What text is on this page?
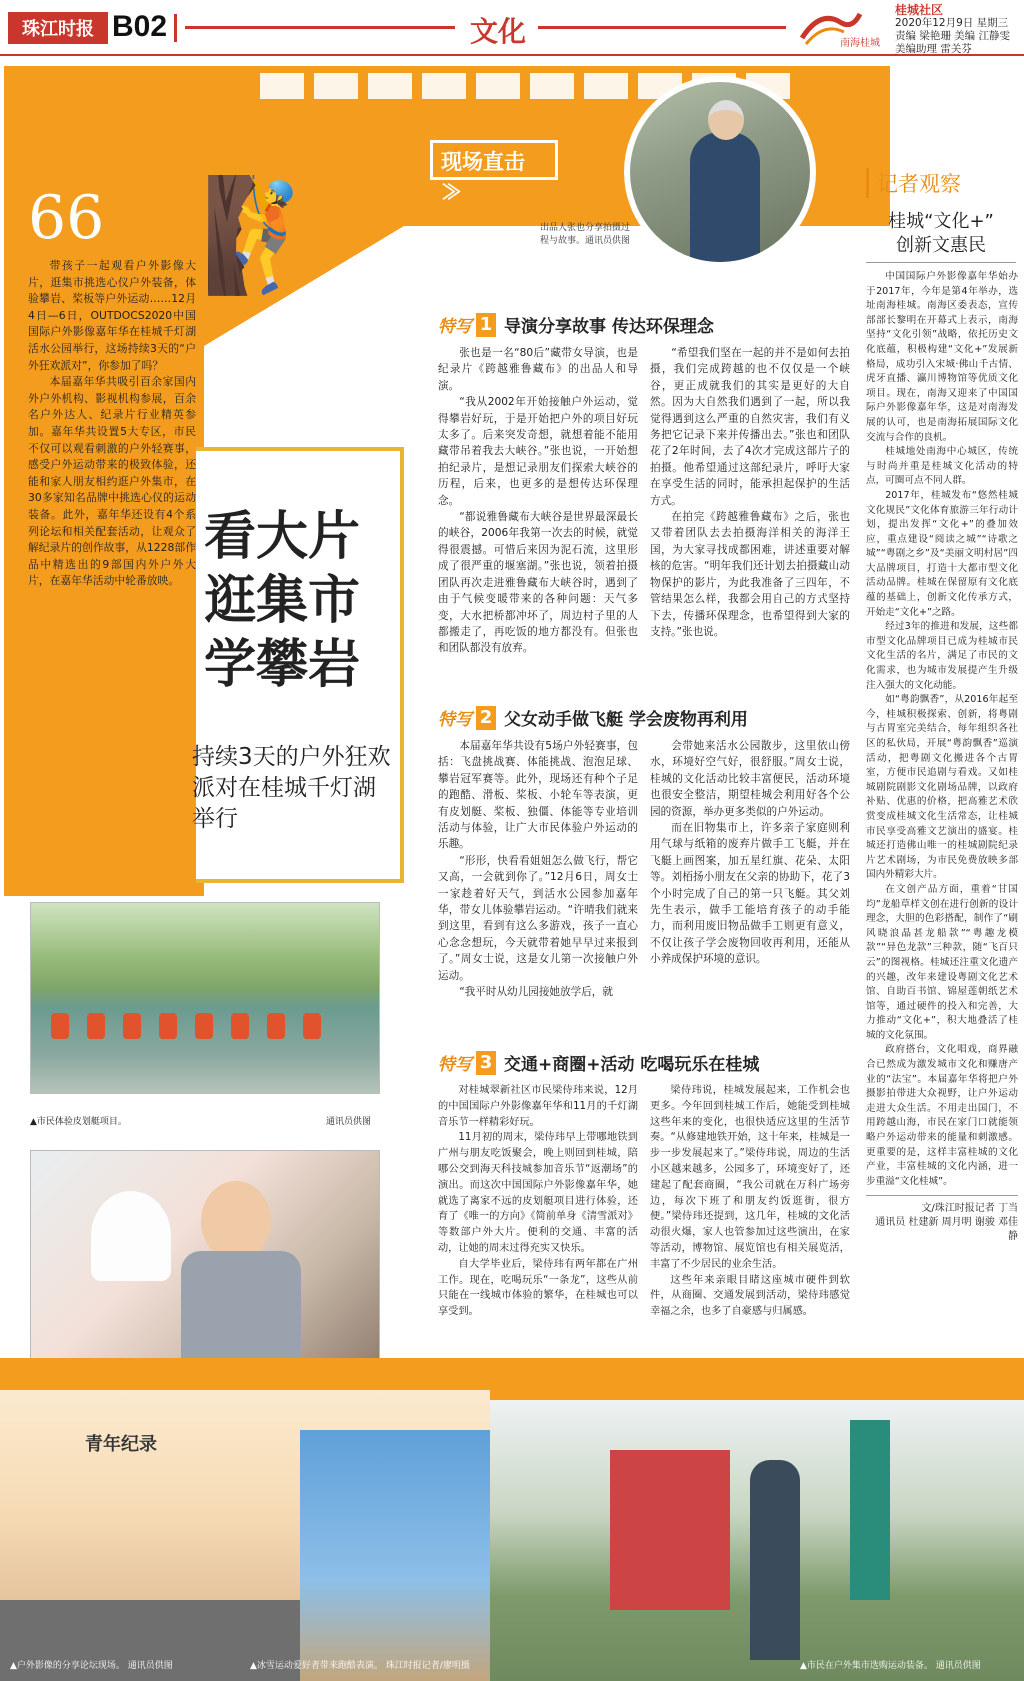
珠江时报 B02	文化	南海桂城
桂城社区
2020年12月9日 星期三
责编 梁艳珊 美编 江静雯
美编助理 雷关芬
🧗
现场直击 ≫
出品人张也分享拍摄过程与故事。通讯员供图
66

带孩子一起观看户外影像大片，逛集市挑选心仪户外装备，体验攀岩、桨板等户外运动……12月4日—6日，OUTDOCS2020中国国际户外影像嘉年华在桂城千灯湖活水公园举行，这场持续3天的“户外狂欢派对”，你参加了吗？

本届嘉年华共吸引百余家国内外户外机构、影视机构参展，百余名户外达人、纪录片行业精英参加。嘉年华共设置5大专区，市民不仅可以观看刺激的户外轻赛事，感受户外运动带来的极致体验，还能和家人朋友相约逛户外集市，在30多家知名品牌中挑选心仪的运动装备。此外，嘉年华还设有4个系列论坛和相关配套活动，让观众了解纪录片的创作故事，从1228部作品中精选出的9部国内外户外大片，在嘉年华活动中轮番放映。

看大片
逛集市
学攀岩
持续3天的户外狂欢派对在桂城千灯湖举行
特写 1 导演分享故事 传达环保理念

张也是一名“80后”藏带女导演，也是纪录片《跨越雅鲁藏布》的出品人和导演。

“我从2002年开始接触户外运动，觉得攀岩好玩，于是开始把户外的项目好玩太多了。后来突发奇想，就想着能不能用藏带吊着我去大峡谷。”张也说，一开始想拍纪录片，是想记录朋友们探索大峡谷的历程，后来，也更多的是想传达环保理念。

“都说雅鲁藏布大峡谷是世界最深最长的峡谷，2006年我第一次去的时候，就觉得很震撼。可惜后来因为泥石流，这里形成了很严重的堰塞湖。”张也说，领着拍摄团队再次走进雅鲁藏布大峡谷时，遇到了由于气候变暖带来的各种问题：天气多变，大水把桥都冲坏了，周边村子里的人都搬走了，再吃饭的地方都没有。但张也和团队都没有放弃。

“希望我们坚在一起的并不是如何去拍摄，我们完成跨越的也不仅仅是一个峡谷，更正成就我们的其实是更好的大自然。因为大自然我们遇到了一起，所以我觉得遇到这么严重的自然灾害，我们有义务把它记录下来并传播出去。”张也和团队花了2年时间，去了4次才完成这部片子的拍摄。他希望通过这部纪录片，呼吁大家在享受生活的同时，能承担起保护的生活方式。

在拍完《跨越雅鲁藏布》之后，张也又带着团队去去拍摄海洋相关的海洋王国，为大家寻找成都困难，讲述重要对解核的危害。“明年我们还计划去拍摄藏山动物保护的影片，为此我准备了三四年，不管结果怎么样，我都会用自己的方式坚持下去，传播环保理念，也希望得到大家的支持。”张也说。

特写 2 父女动手做飞艇 学会废物再利用

本届嘉年华共设有5场户外轻赛事，包括：飞盘挑战赛、体能挑战、泡泡足球、攀岩冠军赛等。此外，现场还有种个子足的跑酷、滑板、桨板、小轮车等表演，更有皮划艇、桨板、独僵、体能等专业培训活动与体验，让广大市民体验户外运动的乐趣。

“形形，快看看姐姐怎么做飞行，帮它又高，一会就到你了。”12月6日，周女士一家趁着好天气，到活水公园参加嘉年华，带女儿体验攀岩运动。“许晴我们就来到这里，看到有这么多游戏，孩子一直心心念念想玩，今天就带着她早早过来报到了。”周女士说，这是女儿第一次接触户外运动。

“我平时从幼儿园接她放学后，就

会带她来活水公园散步，这里依山傍水，环境好空气好，很舒服。”周女士说，桂城的文化活动比较丰富便民，活动环境也很安全整洁，期望桂城会利用好各个公园的资源，举办更多类似的户外运动。

而在旧物集市上，许多亲子家庭则利用气球与纸箱的废弃片做手工飞艇，并在飞艇上画图案，加五星红旗、花朵、太阳等。刘栢扬小朋友在父亲的协助下，花了3个小时完成了自己的第一只飞艇。其父刘先生表示，做手工能培育孩子的动手能力，而利用废旧物品做手工则更有意义，不仅让孩子学会废物回收再利用，还能从小养成保护环境的意识。

特写 3 交通+商圈+活动 吃喝玩乐在桂城

对桂城翠新社区市民梁侍玮来说，12月的中国国际户外影像嘉年华和11月的千灯湖音乐节一样精彩好玩。

11月初的周末，梁侍玮早上带哪地铁到广州与朋友吃饭聚会，晚上则回到桂城，陪哪公交到海天科技城参加音乐节“返潮场”的演出。而这次中国国际户外影像嘉年华，她就选了离家不远的皮划艇项目进行体验，还育了《唯一的方向》《简前单身《清雪派对》等数部户外大片。便利的交通、丰富的活动，让她的周末过得充实又快乐。

自大学毕业后，梁侍玮有两年都在广州工作。现在，吃喝玩乐“一条龙”，这些从前只能在一线城市体验的繁华，在桂城也可以享受到。

梁侍玮说，桂城发展起来，工作机会也更多。今年回到桂城工作后，她能受到桂城这些年来的变化，也很快适应这里的生活节奏。“从修建地铁开始，这十年来，桂城是一步一步发展起来了。”梁侍玮说，周边的生活小区越来越多，公园多了，环境变好了，还建起了配套商圈，“我公司就在万科广场旁边，每次下班了和朋友约饭逛街，很方便。”梁侍玮还提到，这几年，桂城的文化活动很火爆，家人也管参加过这些演出，在家等活动，博物馆、展览馆也有相关展览活，丰富了不少居民的业余生活。

这些年来亲眼目睹这座城市硬件到软件，从商圈、交通发展到活动，梁侍玮感觉幸福之余，也多了自豪感与归属感。

记者观察
桂城“文化+”
创新文惠民

中国国际户外影像嘉年华始办于2017年，今年是第4年举办，选址南海桂城。南海区委表态，宣传部部长黎明在开幕式上表示，南海坚持“文化引领”战略，依托历史文化底蕴，积极构建“文化+”发展新格局，成功引入宋城·佛山千古情、虎牙直播、瀛川博物馆等优质文化项目。现在，南海又迎来了中国国际户外影像嘉年华，这是对南海发展的认可，也是南海拓展国际文化交流与合作的良机。

桂城地处南海中心城区，传统与时尚并重是桂城文化活动的特点，可圈可点不同人群。

2017年，桂城发布“悠然桂城文化规民”文化体育旅游三年行动计划，提出发挥“文化+”的叠加效应，重点建设“阅读之城”“诗歌之城”“粤剧之乡”及“美丽文明村居”四大品牌项目，打造十大都市型文化活动品牌。桂城在保留原有文化底蕴的基础上，创新文化传承方式，开始走“文化+”之路。

经过3年的推进和发展，这些都市型文化品牌项目已成为桂城市民文化生活的名片，满足了市民的文化需求，也为城市发展提产生升级注入强大的文化动能。

如“粤韵飘香”，从2016年起至今，桂城积极探索、创新，将粤剧与古胃室完美结合，每年组织各社区的私伙局，开展“粤韵飘香”巡演活动，把粤剧文化搬进各个古胃室，方便市民追剧与看戏。又如桂城剧院剧影文化剧场品牌，以政府补贴、优惠的价格，把高雅艺术欣赏变成桂城文化生活常态，让桂城市民享受高雅文艺演出的盛宴。桂城还打造佛山唯一的桂城剧院纪录片艺术剧场，为市民免费放映多部国内外精彩大片。

在文创产品方面，重着“甘国均”龙船草样文创在进行创新的设计理念，大胆的色彩搭配，制作了“刷风晓浪晶甚龙船款”“粤趣龙模款”“异色龙款”三种款，随“飞百只云”的图视格。桂城还注重文化遗产的兴趣，改年来建设粤剧文化艺术馆、自助百书馆、锦屋莲朝纸艺术馆等，通过硬件的投入和完善，大力推动“文化+”，积大地叠活了桂城的文化氛围。

政府搭台，文化唱戏，商界融合已然成为激发城市文化和赚唐产业的“法宝”。本届嘉年华将把户外摄影拍带进大众视野，让户外运动走进大众生活。不用走出国门，不用跨越山海，市民在家门口就能领略户外运动带来的能量和刺激感。更重要的是，这样丰富桂城的文化产业，丰富桂城的文化内涵，进一步重溢“文化桂城”。

文/珠江时报记者 丁当
通讯员 杜建新 周月明 谢骏 邓佳静
▲市民体验皮划艇项目。	通讯员供图
青年纪录
▲户外影像的分享论坛现场。 通讯员供图	▲冰雪运动爱好者带来跑酷表演。 珠江时报记者/廖明摄	▲市民在户外集市选购运动装备。 通讯员供图
